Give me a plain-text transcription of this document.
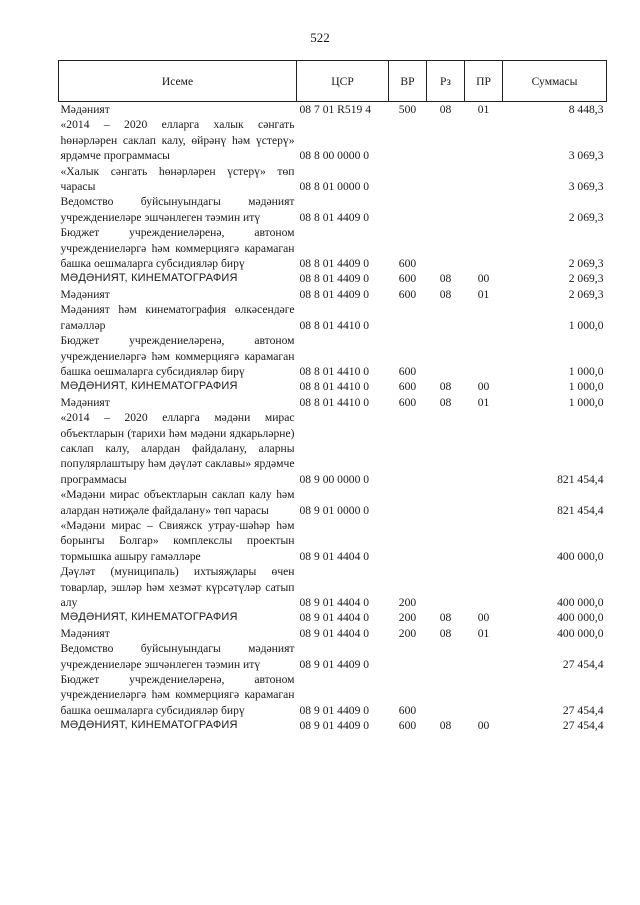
522
Исеме	ЦСР	ВР	Рз	ПР	Суммасы
Мәдәният	08 7 01 R519 4	500	08	01	8 448,3
«2014 – 2020 елларга халык сәнгать һөнәрләрен саклап калу, өйрәнү һәм үстерү» ярдәмче программасы	08 8 00 0000 0				3 069,3
«Халык сәнгать һөнәрләрен үстерү» төп чарасы	08 8 01 0000 0				3 069,3
Ведомство буйсынуындагы мәдәният учреждениеләре эшчәнлеген тәэмин итү	08 8 01 4409 0				2 069,3
Бюджет учреждениеләренә, автоном учреждениеләргә һәм коммерциягә карамаган башка оешмаларга субсидияләр бирү	08 8 01 4409 0	600			2 069,3
МӘДӘНИЯТ, КИНЕМАТОГРАФИЯ	08 8 01 4409 0	600	08	00	2 069,3
Мәдәният	08 8 01 4409 0	600	08	01	2 069,3
Мәдәният һәм кинематография өлкәсендәге гамәлләр	08 8 01 4410 0				1 000,0
Бюджет учреждениеләренә, автоном учреждениеләргә һәм коммерциягә карамаган башка оешмаларга субсидияләр бирү	08 8 01 4410 0	600			1 000,0
МӘДӘНИЯТ, КИНЕМАТОГРАФИЯ	08 8 01 4410 0	600	08	00	1 000,0
Мәдәният	08 8 01 4410 0	600	08	01	1 000,0
«2014 – 2020 елларга мәдәни мирас объектларын (тарихи һәм мәдәни ядкарьләрне) саклап калу, алардан файдалану, аларны популярлаштыру һәм дәүләт саклавы» ярдәмче программасы	08 9 00 0000 0				821 454,4
«Мәдәни мирас объектларын саклап калу һәм алардан нәтиҗәле файдалану» төп чарасы	08 9 01 0000 0				821 454,4
«Мәдәни мирас – Свияжск утрау-шәһәр һәм борынгы Болгар» комплекслы проектын тормышка ашыру гамәлләре	08 9 01 4404 0				400 000,0
Дәүләт (муниципаль) ихтыяҗлары өчен товарлар, эшләр һәм хезмәт күрсәтүләр сатып алу	08 9 01 4404 0	200			400 000,0
МӘДӘНИЯТ, КИНЕМАТОГРАФИЯ	08 9 01 4404 0	200	08	00	400 000,0
Мәдәният	08 9 01 4404 0	200	08	01	400 000,0
Ведомство буйсынуындагы мәдәният учреждениеләре эшчәнлеген тәэмин итү	08 9 01 4409 0				27 454,4
Бюджет учреждениеләренә, автоном учреждениеләргә һәм коммерциягә карамаган башка оешмаларга субсидияләр бирү	08 9 01 4409 0	600			27 454,4
МӘДӘНИЯТ, КИНЕМАТОГРАФИЯ	08 9 01 4409 0	600	08	00	27 454,4
